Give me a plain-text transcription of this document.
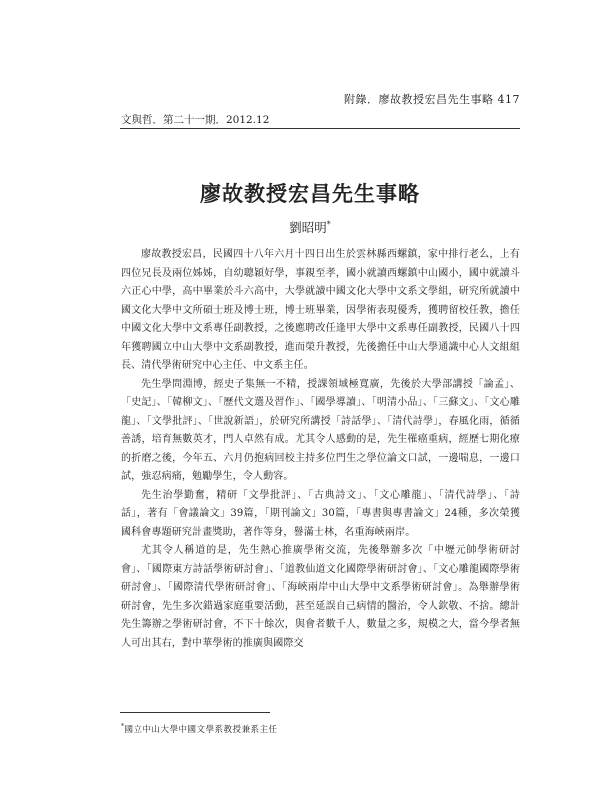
附錄．廖故教授宏昌先生事略 417
文與哲．第二十一期．2012.12
廖故教授宏昌先生事略
劉昭明*

廖故教授宏昌，民國四十八年六月十四日出生於雲林縣西螺鎮，家中排行老么，上有四位兄長及兩位姊姊，自幼聰穎好學，事親至孝，國小就讀西螺鎮中山國小，國中就讀斗六正心中學，高中畢業於斗六高中，大學就讀中國文化大學中文系文學組，研究所就讀中國文化大學中文所碩士班及博士班，博士班畢業，因學術表現優秀，獲聘留校任教，擔任中國文化大學中文系專任副教授，之後應聘改任逢甲大學中文系專任副教授，民國八十四年獲聘國立中山大學中文系副教授，進而榮升教授，先後擔任中山大學通識中心人文組組長、清代學術研究中心主任、中文系主任。

先生學問淵博，經史子集無一不精，授課領域極寬廣，先後於大學部講授「論孟」、「史記」、「韓柳文」、「歷代文選及習作」、「國學導讀」、「明清小品」、「三蘇文」、「文心雕龍」、「文學批評」、「世說新語」，於研究所講授「詩話學」、「清代詩學」，春風化雨，循循善誘，培育無數英才，門人卓然有成。尤其令人感動的是，先生罹癌重病，經歷七期化療的折磨之後，今年五、六月仍抱病回校主持多位門生之學位論文口試，一邊喘息，一邊口試，強忍病痛，勉勵學生，令人動容。

先生治學勤奮，精研「文學批評」、「古典詩文」、「文心雕龍」、「清代詩學」、「詩話」，著有「會議論文」39篇，「期刊論文」30篇，「專書與專書論文」24種，多次榮獲國科會專題研究計畫獎助，著作等身，譽滿士林，名重海峽兩岸。

尤其令人稱道的是，先生熱心推廣學術交流，先後舉辦多次「中壢元帥學術研討會」、「國際東方詩話學術研討會」、「道教仙道文化國際學術研討會」、「文心雕龍國際學術研討會」、「國際清代學術研討會」、「海峽兩岸中山大學中文系學術研討會」。為舉辦學術研討會，先生多次錯過家庭重要活動，甚至延誤自己病情的醫治，令人欽敬、不捨。總計先生籌辦之學術研討會，不下十餘次，與會者數千人，數量之多，規模之大，當今學者無人可出其右，對中華學術的推廣與國際交

*國立中山大學中國文學系教授兼系主任
